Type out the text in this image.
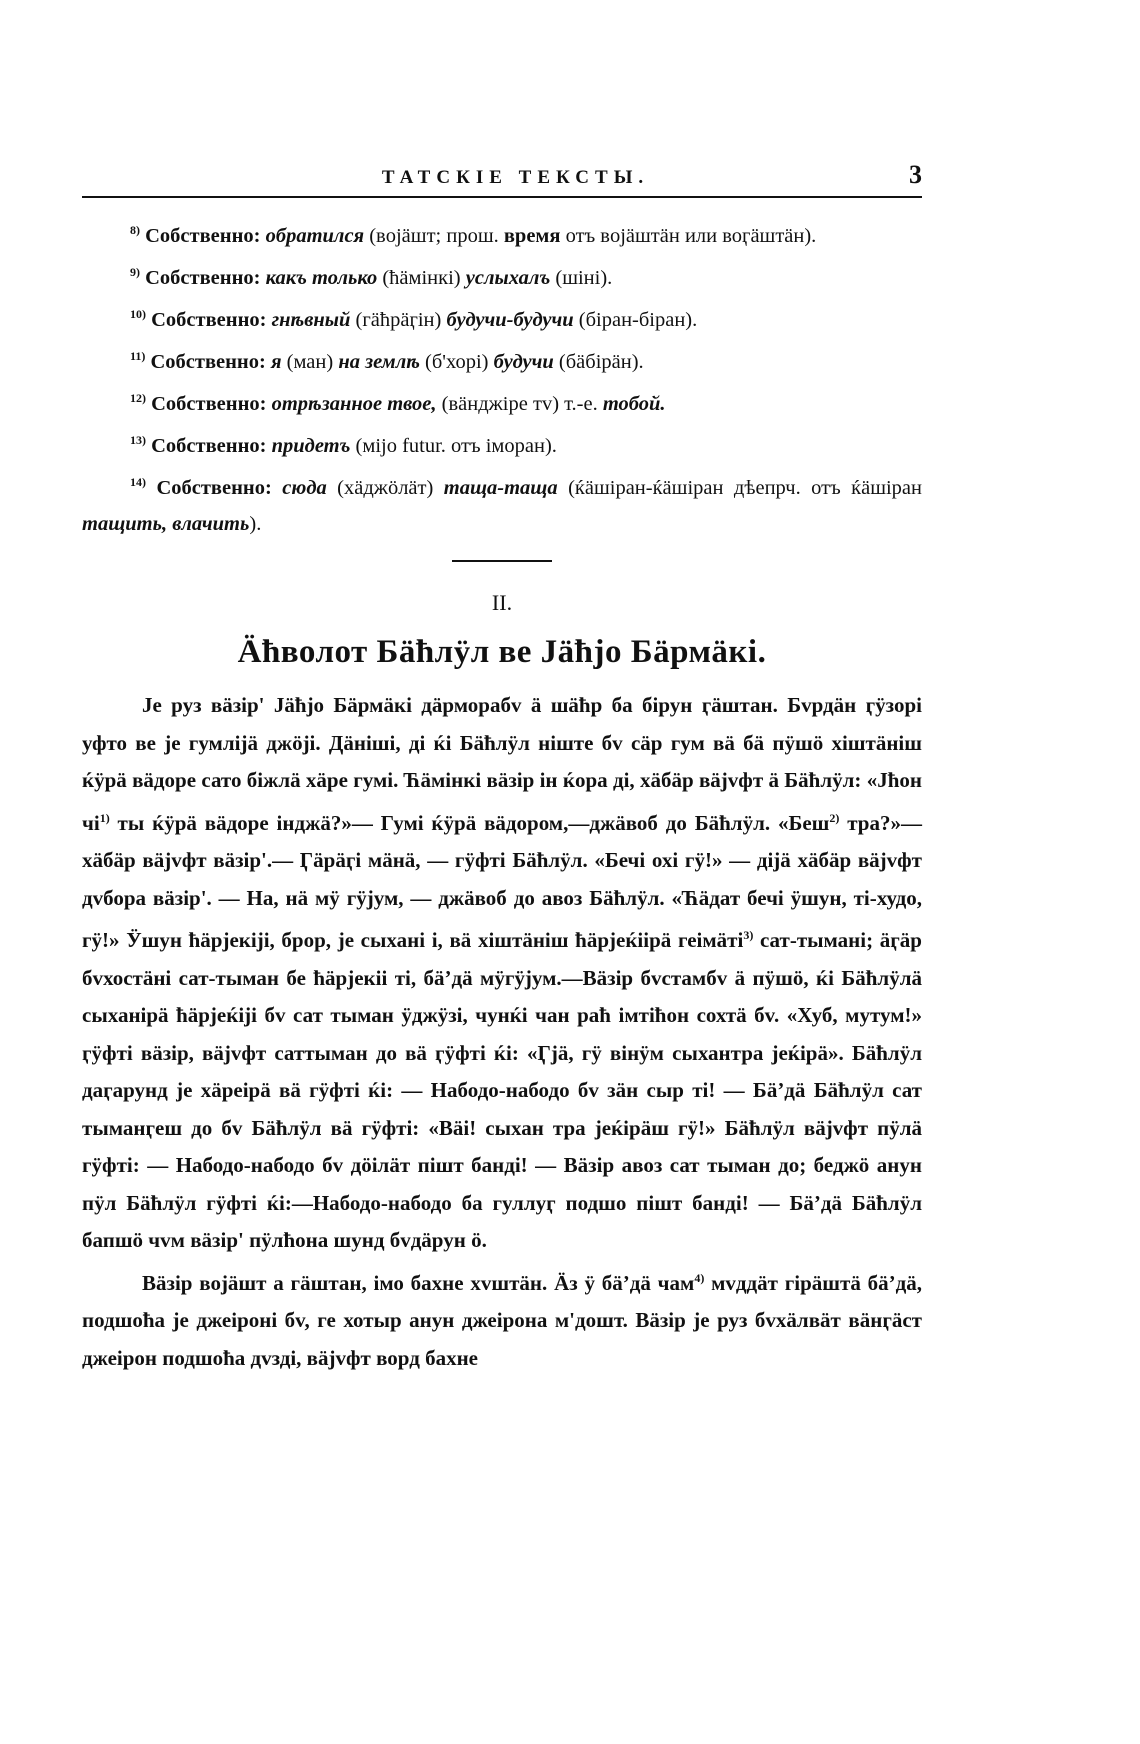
ТАТСКІЕ ТЕКСТЫ.	3
$^{8)}$ Собственно: обратился (вojäшт; прош. время отъ вojäштäн или воӷäштäн).
$^{9)}$ Собственно: какъ только (ћäмінкі) услыхалъ (шiнi).
$^{10)}$ Собственно: гнѣвный (гäћрäӷін) будучи-будучи (біран-біран).
$^{11)}$ Собственно: я (ман) на землѣ (б'хорі) будучи (бäбірäн).
$^{12)}$ Собственно: отрѣзанное твое, (вäнджіре тv) т.-е. тобой.
$^{13)}$ Собственно: придетъ (мijo futur. отъ iморан).
$^{14)}$ Собственно: сюда (хäджöлäт) таща-таща (ќäшіран-ќäшіран дѣепрч. отъ ќäшіран тащить, влачить).
II.
Äћволот Бäћлÿл ве Јäћјо Бäрмäкі.

Је руз вäзір' Јäћјо Бäрмäкі дäрморабv ä шäћр ба бірун ӷäштан. Бvрдäн ӷÿзорi уфто ве је гумлiјä джöjі. Дäнiшi, дi ќi Бäћлÿл нiште бv сäр гум вä бä пÿшö хiштäнiш ќÿрä вäдоре сато бiжлä хäре гумі. Ћäмiнкi вäзір iн ќора дi, хäбäр вäjvфт ä Бäћлÿл: «Јћон $чi^{1)}$ ты ќÿрä вäдоре iнджä?»— Гумі ќÿрä вäдором,—джäвоб до Бäћлÿл. «Беш$^{2)}$ тра?»—хäбäр вäjvфт вäзір'.— Ӷäрäӷi мäнä, — гÿфті Бäћлÿл. «Бечі охі гÿ!» — дiјä хäбäр вäjvфт дvбора вäзір'. — На, нä мÿ гÿјум, — джäвоб до авоз Бäћлÿл. «Ћäдат бечі ÿшун, ті-худо, гÿ!» Ӱшун ћäрјекiјi, брор, је сыхані і, вä хiштäнiш ћäрјеќiірä геiмäті$^{3)}$ сат-тымані; äӷäр бvхостäні сат-тыман бе ћäрјекii ті, бäʼдä мÿгÿјум.—Вäзір бvстамбv ä пÿшö, ќi Бäћлÿлä сыханiрä ћäрјеќiјi бv сат тыман ÿджÿзi, чунќi чан раћ iмтiћон сохтä бv. «Хуб, мутум!» ӷÿфті вäзір, вäjvфт саттыман до вä ӷÿфті ќi: «Ӷjä, гÿ вiнÿм сыхантра јеќiрä». Бäћлÿл даӷарунд је хäреiрä вä гÿфті ќi: — Набодо-набодо бv зäн сыр ті! — Бäʼдä Бäћлÿл сат тыманӷеш до бv Бäћлÿл вä гÿфті: «Вäі! сыхан тра јеќiрäш гÿ!» Бäћлÿл вäjvфт пÿлä гÿфті: — Набодо-набодо бv дöiлäт пiшт банді! — Вäзір авоз сат тыман до; беджö анун пÿл Бäћлÿл гÿфті ќi:—Набодо-набодо ба гуллуӷ подшо пiшт банді! — Бäʼдä Бäћлÿл бапшö чvм вäзір' пÿлћона шунд бvдäрун ö.

Вäзір војäшт а гäштан, iмо бахне хvштäн. Äз ÿ бäʼдä чам$^{4)}$ мvддäт гірäштä бäʼдä, подшоћа је джеiроні бv, ге хотыр анун джеiрона м'дошт. Вäзір је руз бvхäлвäт вäнӷäст джеiрон подшоћа дvздi, вäjvфт ворд бахне
